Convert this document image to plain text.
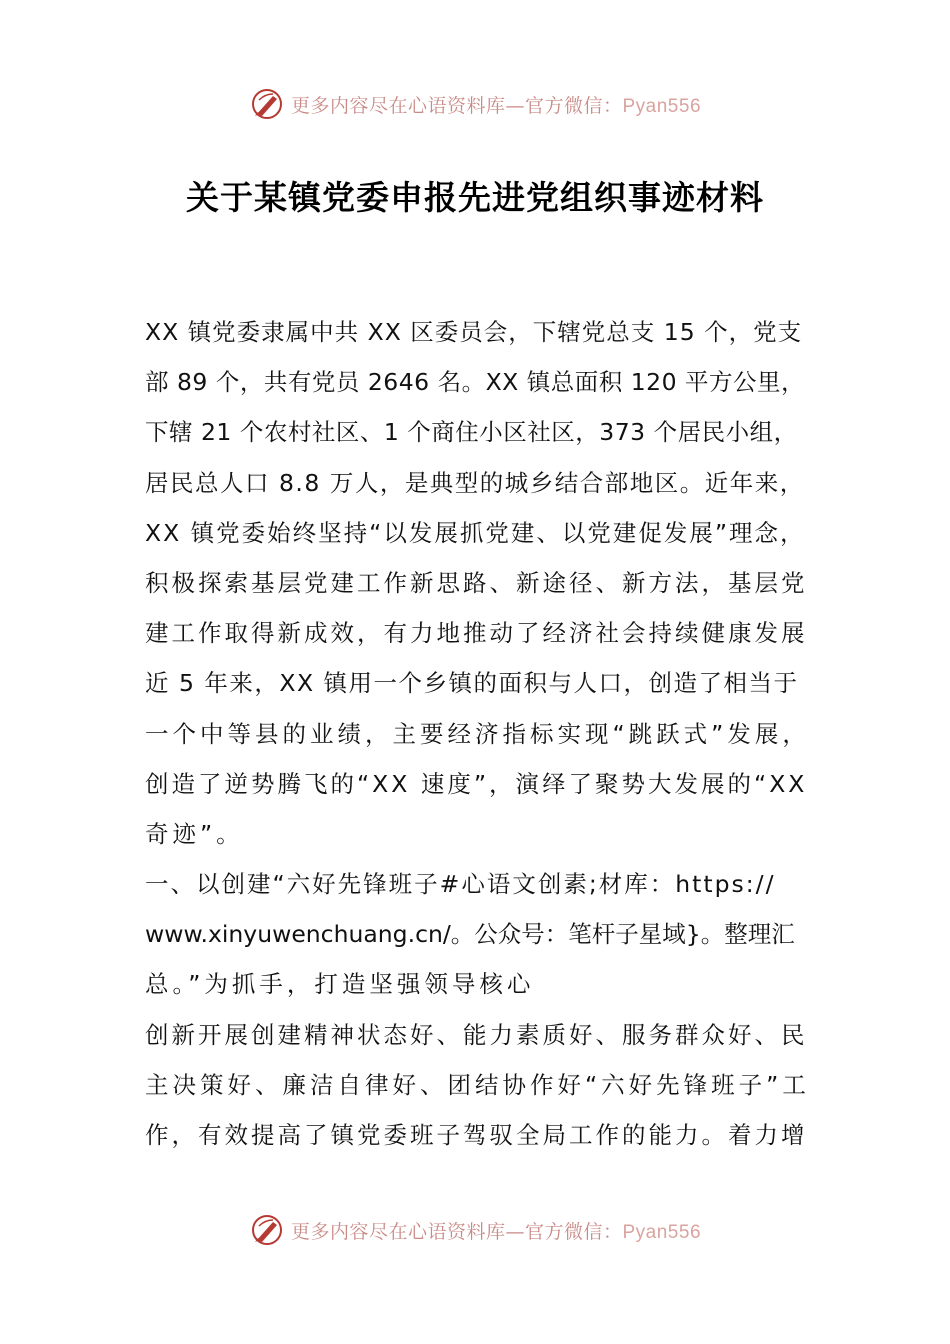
更多内容尽在心语资料库—官方微信：Pyan556
关于某镇党委申报先进党组织事迹材料
XX 镇党委隶属中共 XX 区委员会，下辖党总支 15 个，党支
部 89 个，共有党员 2646 名。XX 镇总面积 120 平方公里，
下辖 21 个农村社区、1 个商住小区社区，373 个居民小组，
居民总人口 8.8 万人，是典型的城乡结合部地区。近年来，
XX 镇党委始终坚持“以发展抓党建、以党建促发展”理念，
积极探索基层党建工作新思路、新途径、新方法，基层党
建工作取得新成效，有力地推动了经济社会持续健康发展
近 5 年来，XX 镇用一个乡镇的面积与人口，创造了相当于
一个中等县的业绩，主要经济指标实现“跳跃式”发展，
创造了逆势腾飞的“XX 速度”，演绎了聚势大发展的“XX
奇迹”。
一、以创建“六好先锋班子#心语文创素;材库：https://
www.xinyuwenchuang.cn/。公众号：笔杆子星域}。整理汇
总。”为抓手，打造坚强领导核心
创新开展创建精神状态好、能力素质好、服务群众好、民
主决策好、廉洁自律好、团结协作好“六好先锋班子”工
作，有效提高了镇党委班子驾驭全局工作的能力。着力增
更多内容尽在心语资料库—官方微信：Pyan556
